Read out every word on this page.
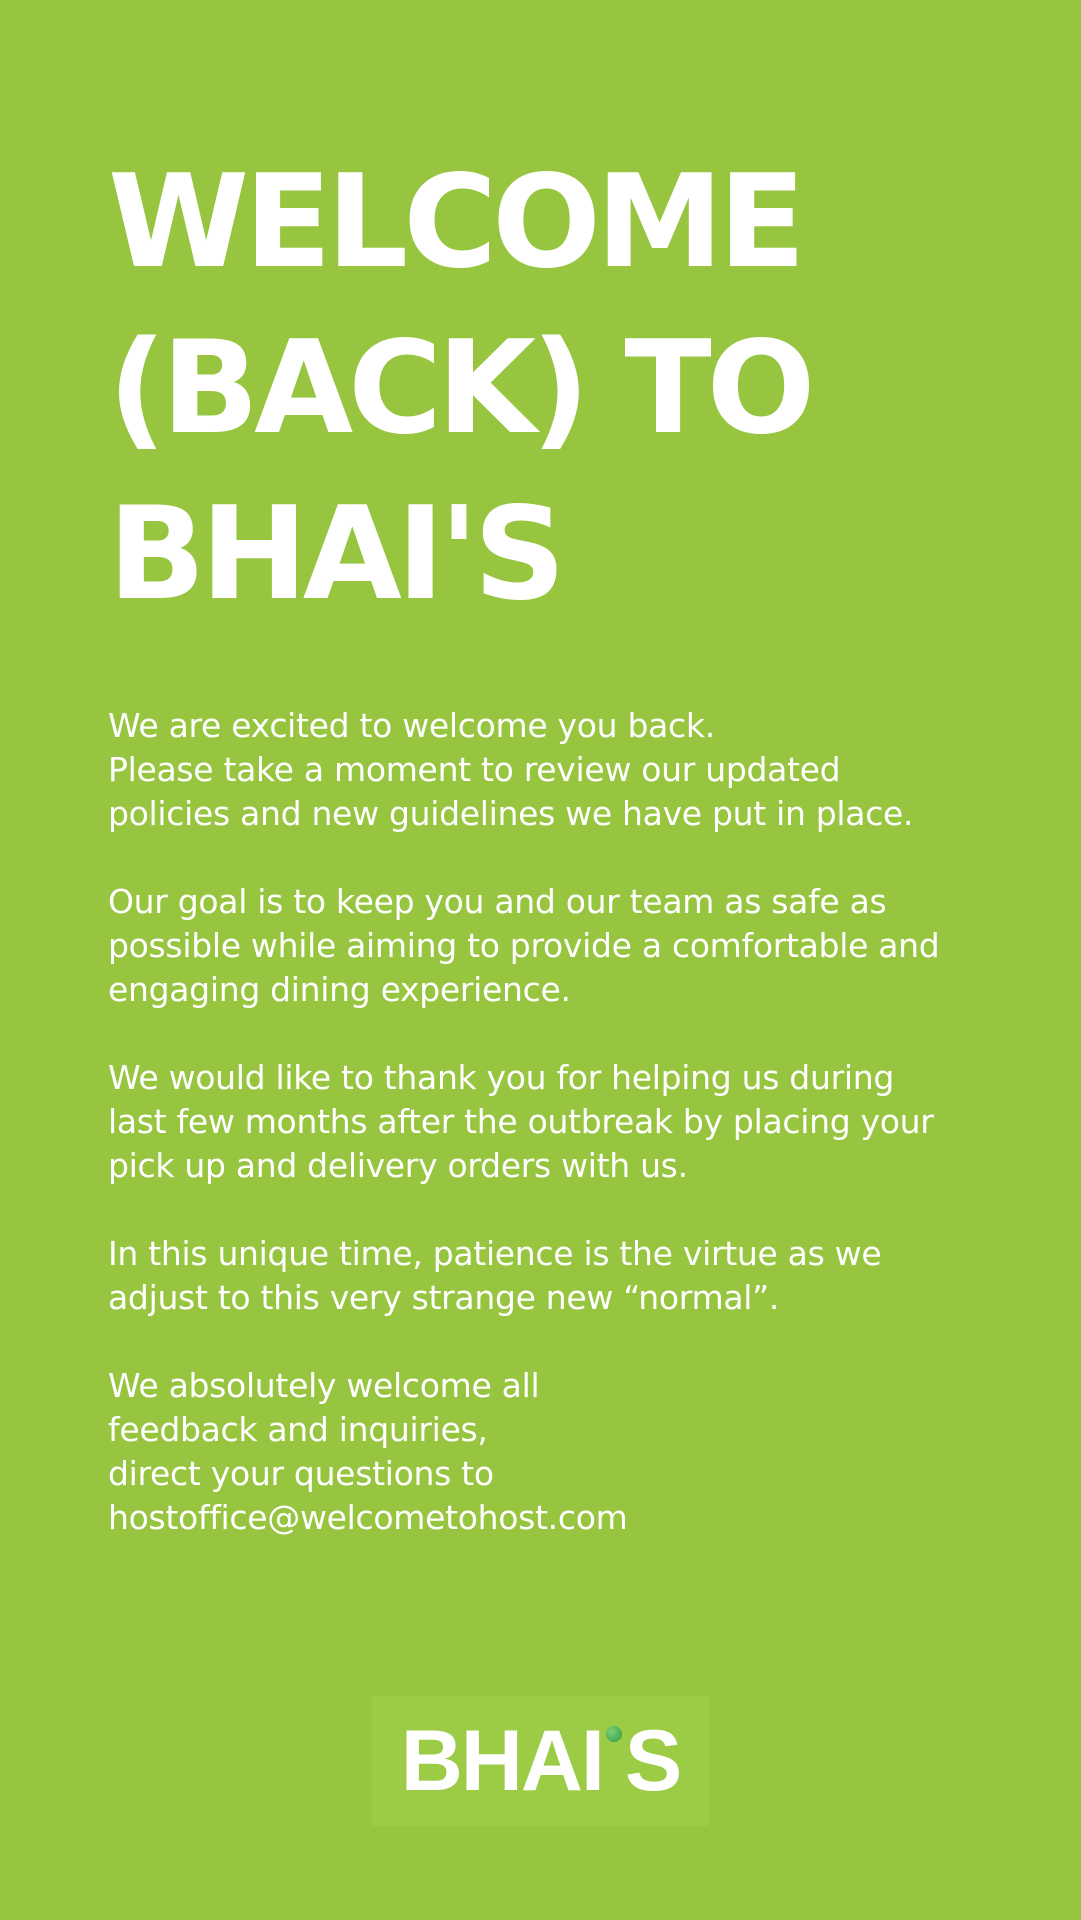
WELCOME
(BACK) TO
BHAI'S

We are excited to welcome you back.
Please take a moment to review our updated
policies and new guidelines we have put in place.

Our goal is to keep you and our team as safe as
possible while aiming to provide a comfortable and
engaging dining experience.

We would like to thank you for helping us during
last few months after the outbreak by placing your
pick up and delivery orders with us.

In this unique time, patience is the virtue as we
adjust to this very strange new “normal”.

We absolutely welcome all
feedback and inquiries,
direct your questions to
hostoffice@welcometohost.com

BHAI S
